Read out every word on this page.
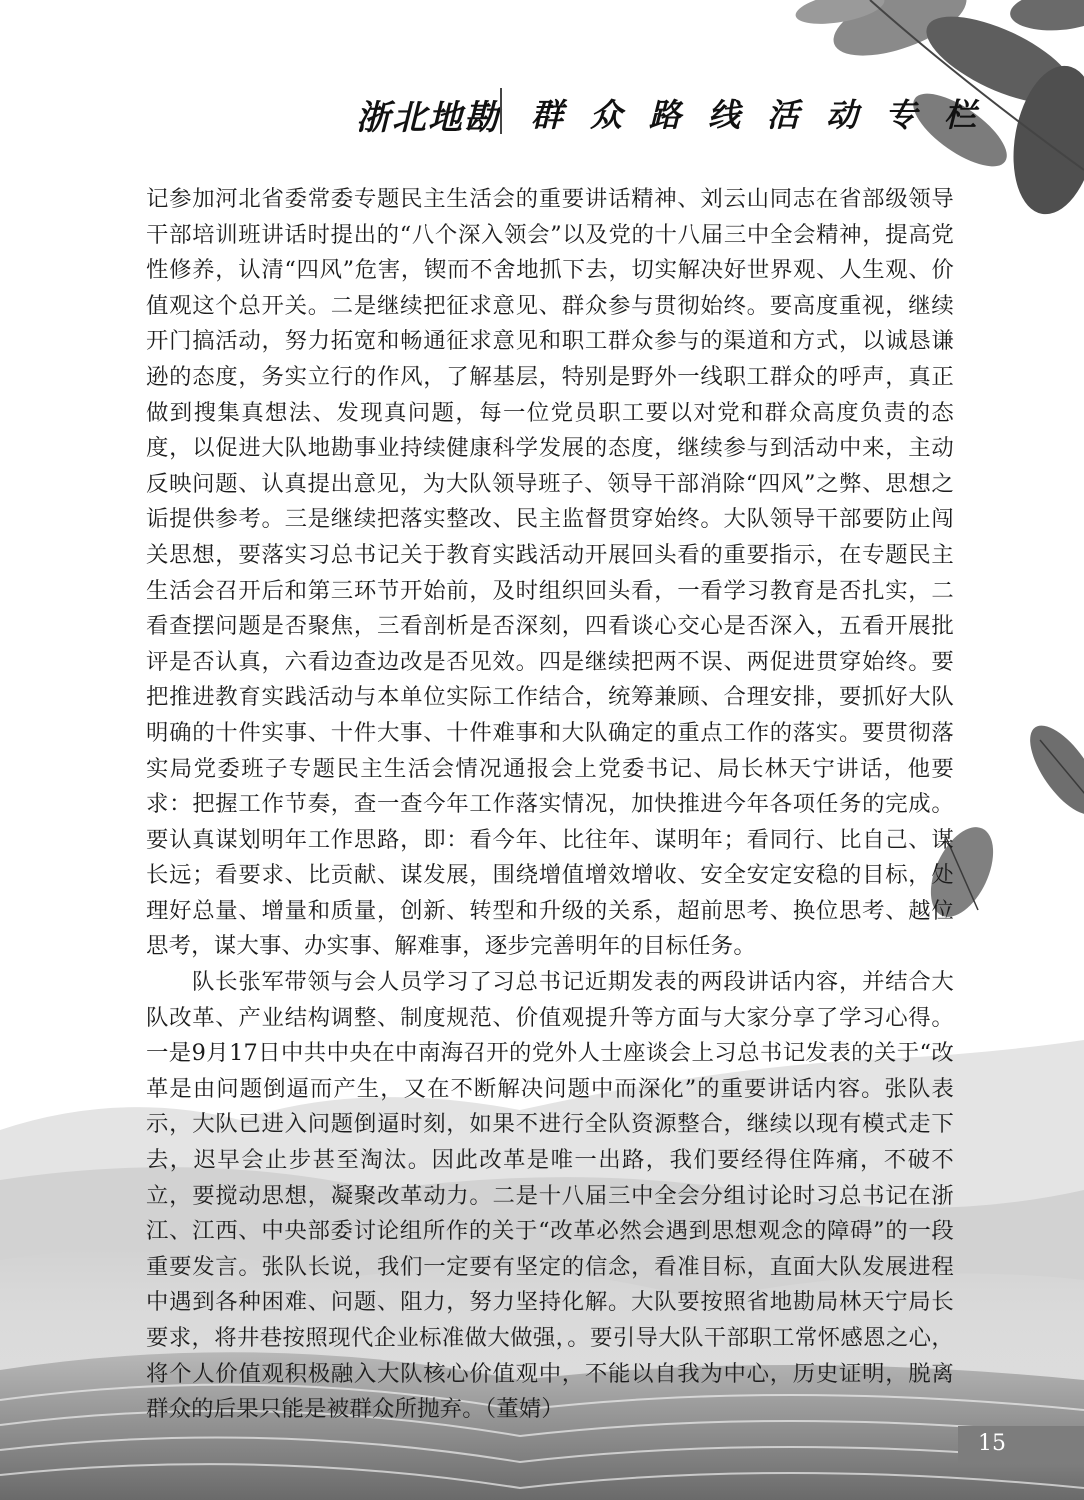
浙北地勘 群众路线活动专栏

记参加河北省委常委专题民主生活会的重要讲话精神、刘云山同志在省部级领导干部培训班讲话时提出的“八个深入领会”以及党的十八届三中全会精神，提高党性修养，认清“四风”危害，锲而不舍地抓下去，切实解决好世界观、人生观、价值观这个总开关。二是继续把征求意见、群众参与贯彻始终。要高度重视，继续开门搞活动，努力拓宽和畅通征求意见和职工群众参与的渠道和方式，以诚恳谦逊的态度，务实立行的作风，了解基层，特别是野外一线职工群众的呼声，真正做到搜集真想法、发现真问题，每一位党员职工要以对党和群众高度负责的态度，以促进大队地勘事业持续健康科学发展的态度，继续参与到活动中来，主动反映问题、认真提出意见，为大队领导班子、领导干部消除“四风”之弊、思想之诟提供参考。三是继续把落实整改、民主监督贯穿始终。大队领导干部要防止闯关思想，要落实习总书记关于教育实践活动开展回头看的重要指示，在专题民主生活会召开后和第三环节开始前，及时组织回头看，一看学习教育是否扎实，二看查摆问题是否聚焦，三看剖析是否深刻，四看谈心交心是否深入，五看开展批评是否认真，六看边查边改是否见效。四是继续把两不误、两促进贯穿始终。要把推进教育实践活动与本单位实际工作结合，统筹兼顾、合理安排，要抓好大队明确的十件实事、十件大事、十件难事和大队确定的重点工作的落实。要贯彻落实局党委班子专题民主生活会情况通报会上党委书记、局长林天宁讲话，他要求：把握工作节奏，查一查今年工作落实情况，加快推进今年各项任务的完成。要认真谋划明年工作思路，即：看今年、比往年、谋明年；看同行、比自己、谋长远；看要求、比贡献、谋发展，围绕增值增效增收、安全安定安稳的目标，处理好总量、增量和质量，创新、转型和升级的关系，超前思考、换位思考、越位思考，谋大事、办实事、解难事，逐步完善明年的目标任务。

队长张军带领与会人员学习了习总书记近期发表的两段讲话内容，并结合大队改革、产业结构调整、制度规范、价值观提升等方面与大家分享了学习心得。一是9月17日中共中央在中南海召开的党外人士座谈会上习总书记发表的关于“改革是由问题倒逼而产生，又在不断解决问题中而深化”的重要讲话内容。张队表示，大队已进入问题倒逼时刻，如果不进行全队资源整合，继续以现有模式走下去，迟早会止步甚至淘汰。因此改革是唯一出路，我们要经得住阵痛，不破不立，要搅动思想，凝聚改革动力。二是十八届三中全会分组讨论时习总书记在浙江、江西、中央部委讨论组所作的关于“改革必然会遇到思想观念的障碍”的一段重要发言。张队长说，我们一定要有坚定的信念，看准目标，直面大队发展进程中遇到各种困难、问题、阻力，努力坚持化解。大队要按照省地勘局林天宁局长要求，将井巷按照现代企业标准做大做强，。要引导大队干部职工常怀感恩之心，将个人价值观积极融入大队核心价值观中，不能以自我为中心，历史证明，脱离群众的后果只能是被群众所抛弃。（董婧）

15
